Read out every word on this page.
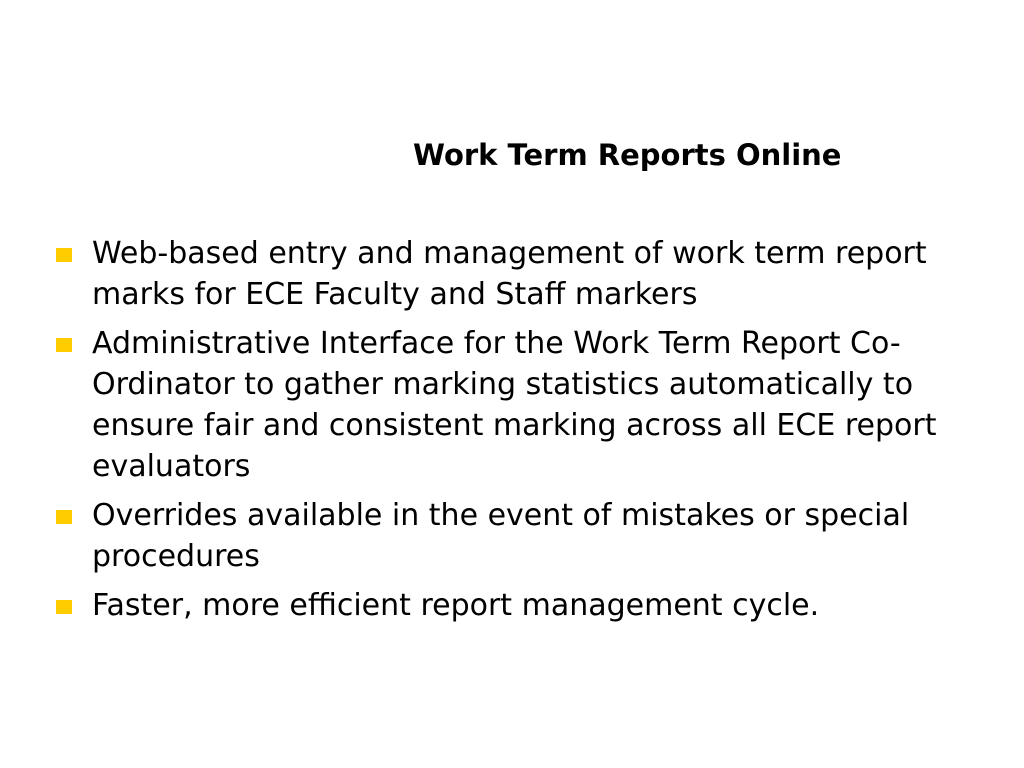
Work Term Reports Online
Web-based entry and management of work term report marks for ECE Faculty and Staff markers
Administrative Interface for the Work Term Report Co-Ordinator to gather marking statistics automatically to ensure fair and consistent marking across all ECE report evaluators
Overrides available in the event of mistakes or special procedures
Faster, more efficient report management cycle.
